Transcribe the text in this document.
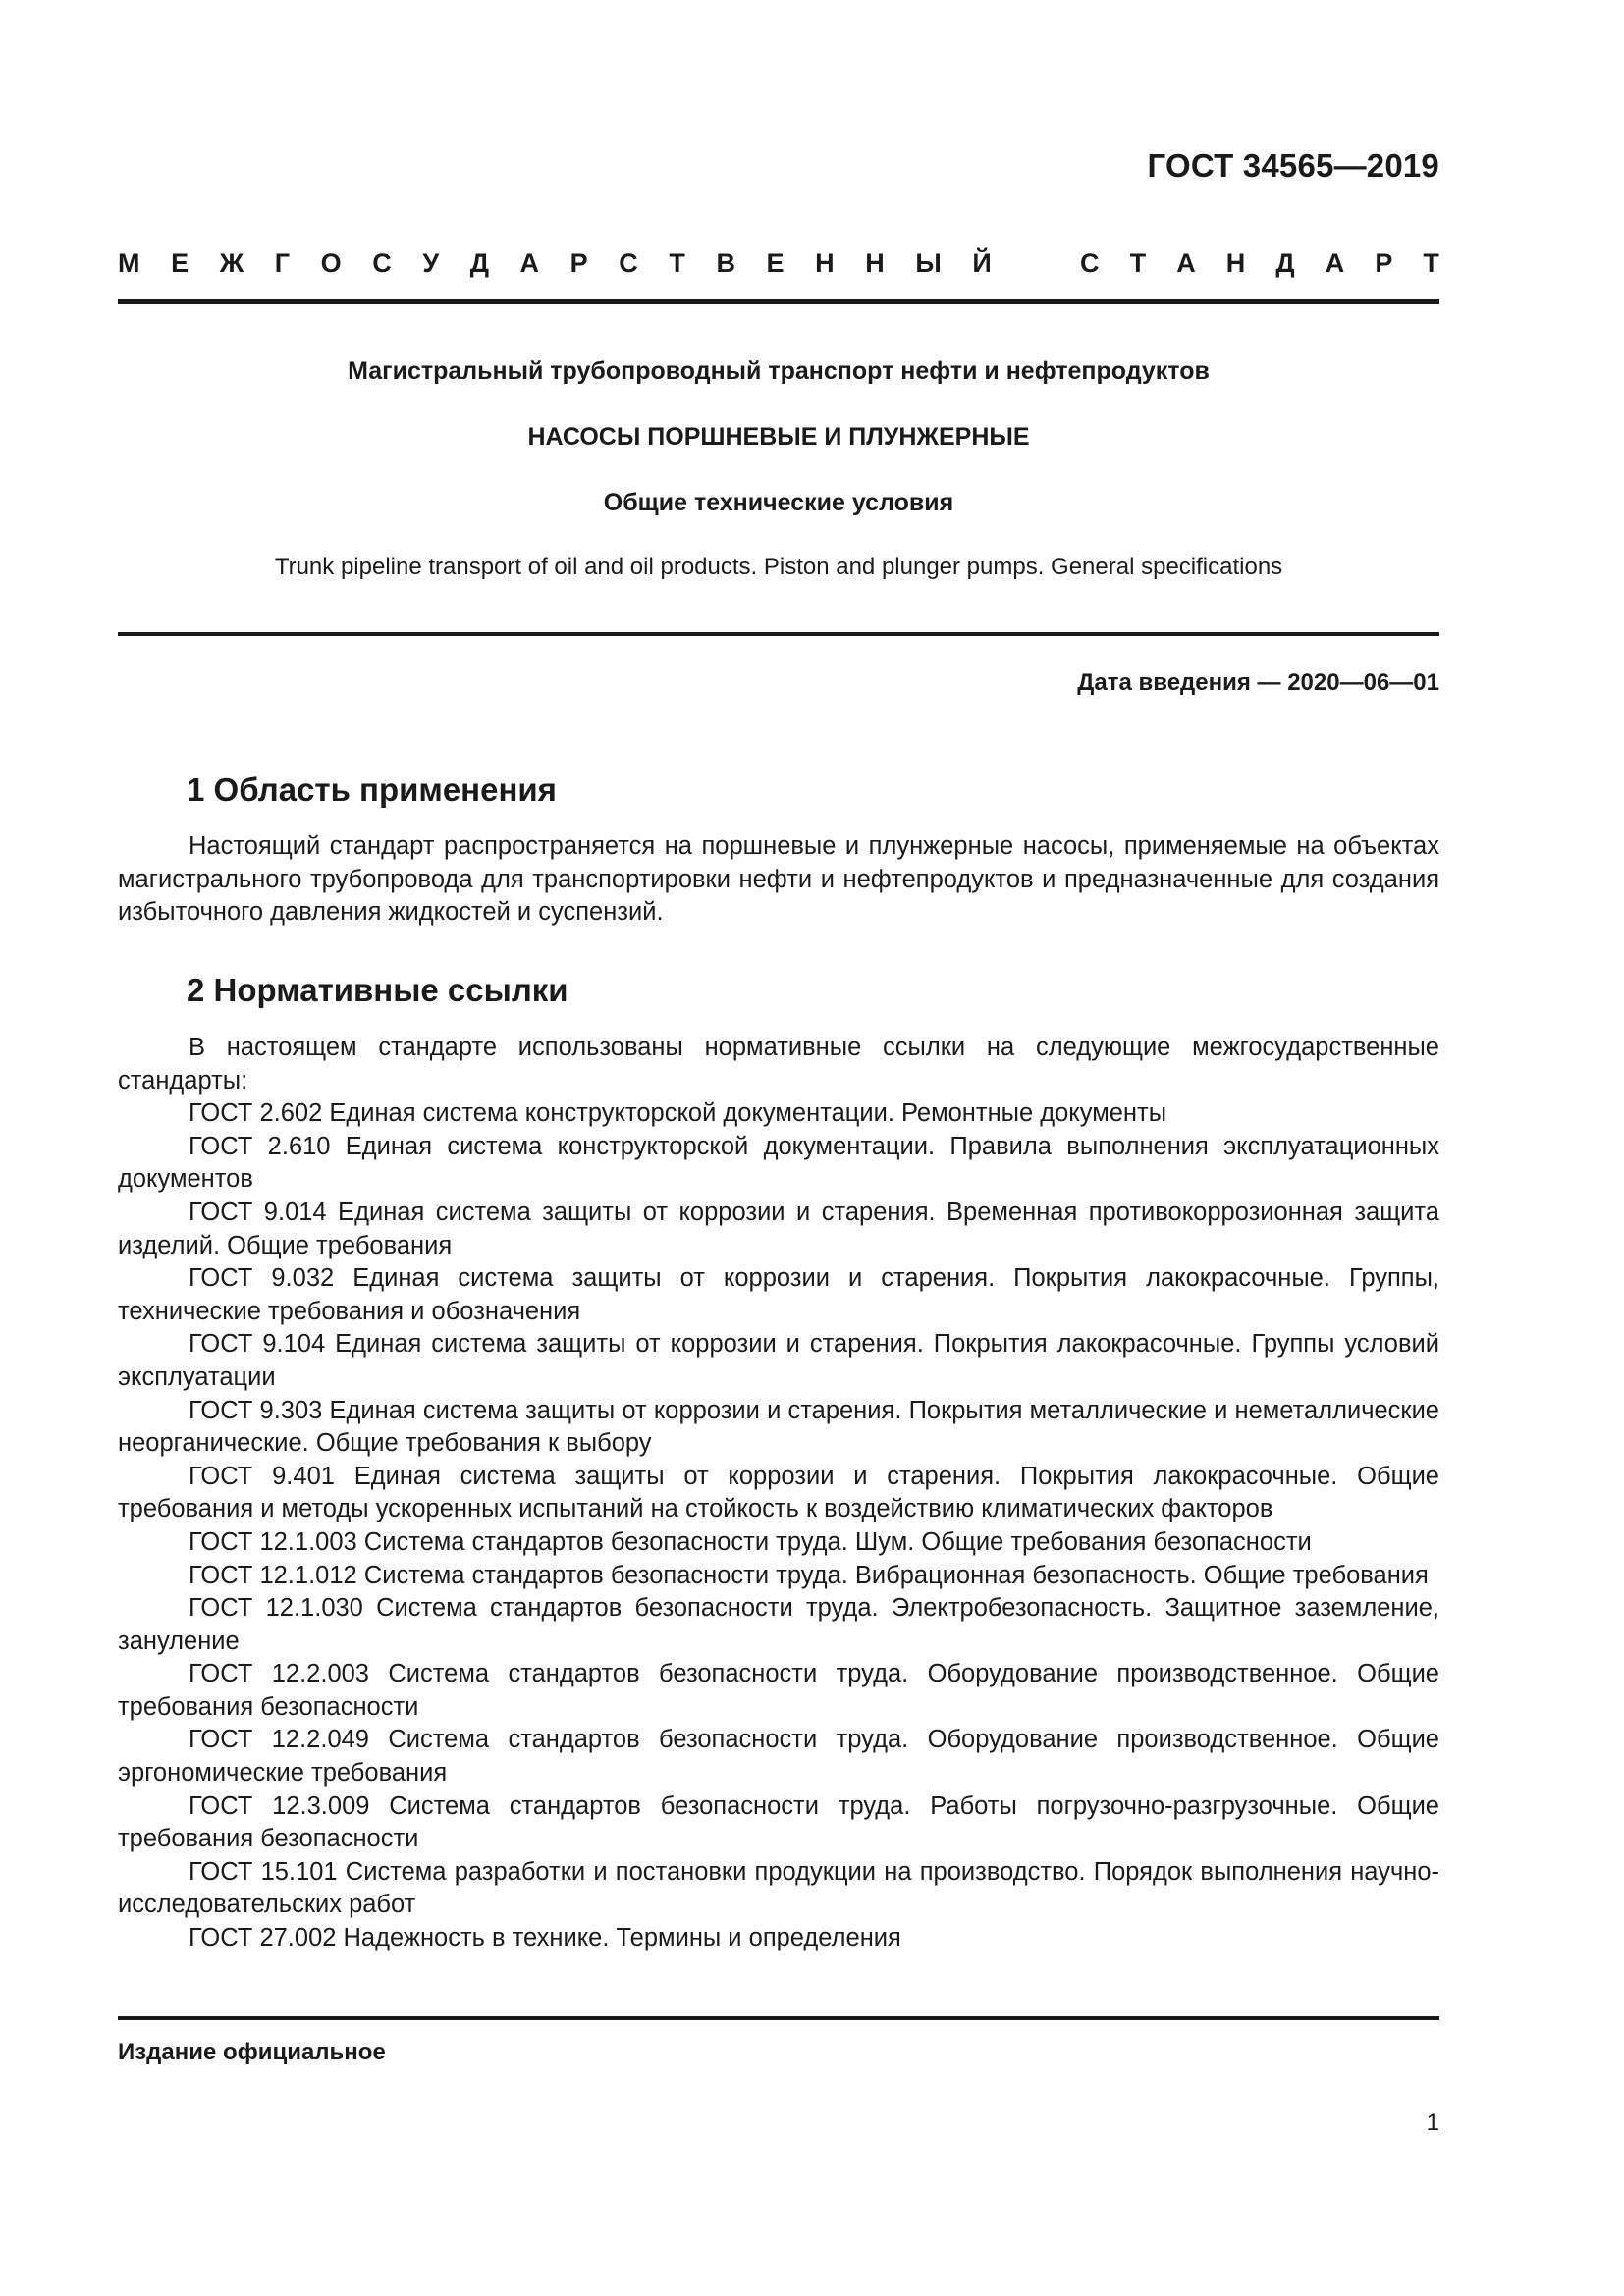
ГОСТ 34565—2019
М Е Ж Г О С У Д А Р С Т В Е Н Н Ы Й	С Т А Н Д А Р Т
Магистральный трубопроводный транспорт нефти и нефтепродуктов
НАСОСЫ ПОРШНЕВЫЕ И ПЛУНЖЕРНЫЕ
Общие технические условия
Trunk pipeline transport of oil and oil products. Piston and plunger pumps. General specifications
Дата введения — 2020—06—01
1 Область применения

Настоящий стандарт распространяется на поршневые и плунжерные насосы, применяемые на объектах магистрального трубопровода для транспортировки нефти и нефтепродуктов и предназначенные для создания избыточного давления жидкостей и суспензий.

2 Нормативные ссылки

В настоящем стандарте использованы нормативные ссылки на следующие межгосударственные стандарты:

ГОСТ 2.602 Единая система конструкторской документации. Ремонтные документы

ГОСТ 2.610 Единая система конструкторской документации. Правила выполнения эксплуатационных документов

ГОСТ 9.014 Единая система защиты от коррозии и старения. Временная противокоррозионная защита изделий. Общие требования

ГОСТ 9.032 Единая система защиты от коррозии и старения. Покрытия лакокрасочные. Группы, технические требования и обозначения

ГОСТ 9.104 Единая система защиты от коррозии и старения. Покрытия лакокрасочные. Группы условий эксплуатации

ГОСТ 9.303 Единая система защиты от коррозии и старения. Покрытия металлические и неметаллические неорганические. Общие требования к выбору

ГОСТ 9.401 Единая система защиты от коррозии и старения. Покрытия лакокрасочные. Общие требования и методы ускоренных испытаний на стойкость к воздействию климатических факторов

ГОСТ 12.1.003 Система стандартов безопасности труда. Шум. Общие требования безопасности

ГОСТ 12.1.012 Система стандартов безопасности труда. Вибрационная безопасность. Общие требования

ГОСТ 12.1.030 Система стандартов безопасности труда. Электробезопасность. Защитное заземление, зануление

ГОСТ 12.2.003 Система стандартов безопасности труда. Оборудование производственное. Общие требования безопасности

ГОСТ 12.2.049 Система стандартов безопасности труда. Оборудование производственное. Общие эргономические требования

ГОСТ 12.3.009 Система стандартов безопасности труда. Работы погрузочно-разгрузочные. Общие требования безопасности

ГОСТ 15.101 Система разработки и постановки продукции на производство. Порядок выполнения научно-исследовательских работ

ГОСТ 27.002 Надежность в технике. Термины и определения

Издание официальное
1
